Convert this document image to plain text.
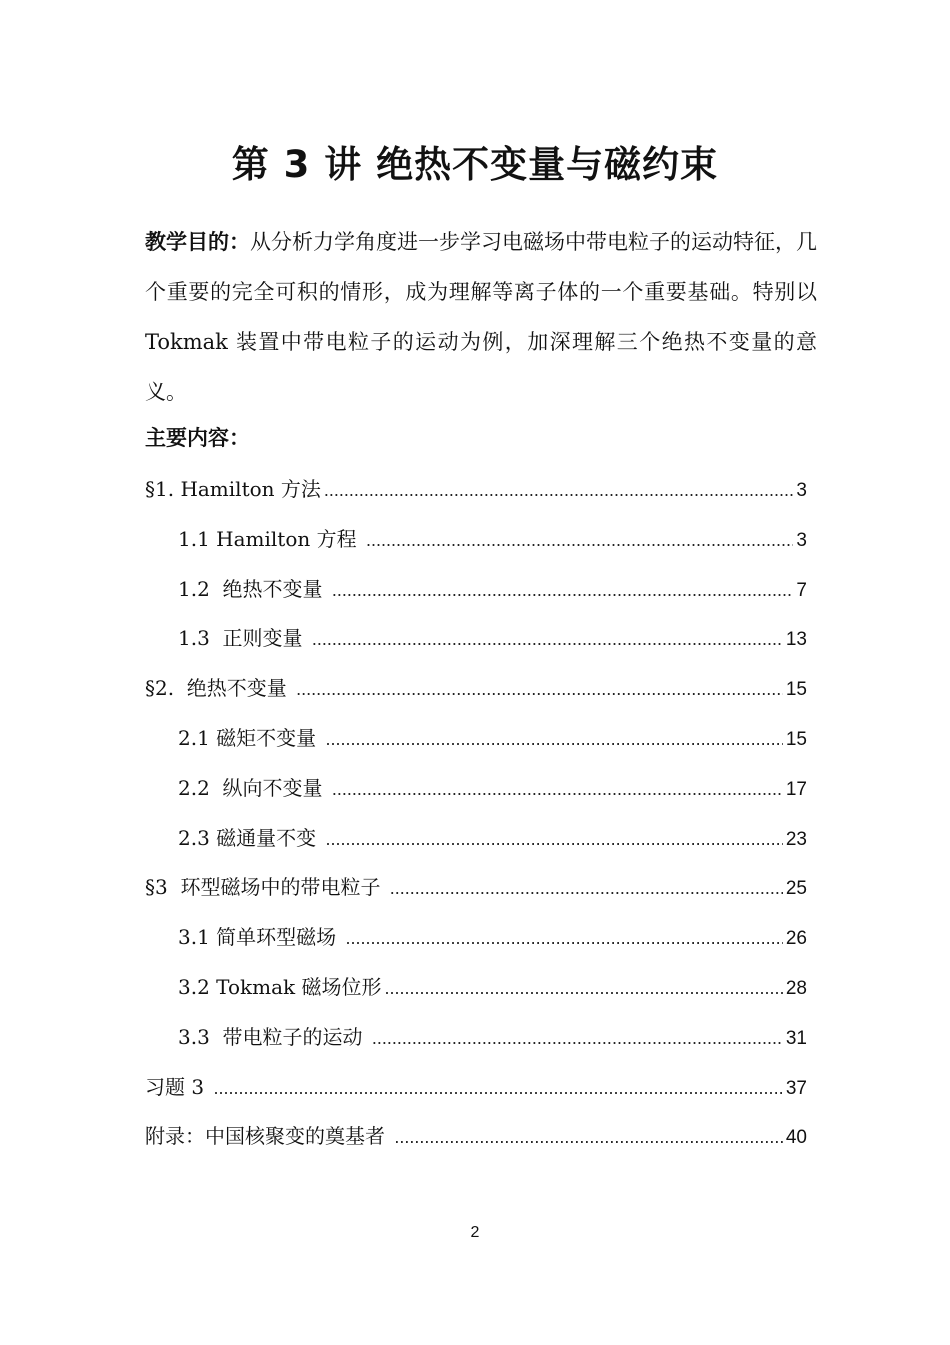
第 3 讲 绝热不变量与磁约束
教学目的：从分析力学角度进一步学习电磁场中带电粒子的运动特征，几个重要的完全可积的情形，成为理解等离子体的一个重要基础。特别以 Tokmak 装置中带电粒子的运动为例，加深理解三个绝热不变量的意义。
主要内容：
§1. Hamilton 方法 .....	3
1.1 Hamilton 方程 .....	3
1.2  绝热不变量 .....	7
1.3  正则变量 .....	13
§2.  绝热不变量 .....	15
2.1 磁矩不变量 .....	15
2.2  纵向不变量 .....	17
2.3 磁通量不变 .....	23
§3  环型磁场中的带电粒子 .....	25
3.1 简单环型磁场 .....	26
3.2 Tokmak 磁场位形 .....	28
3.3  带电粒子的运动 .....	31
习题 3 .....	37
附录：中国核聚变的奠基者 .....	40
2
